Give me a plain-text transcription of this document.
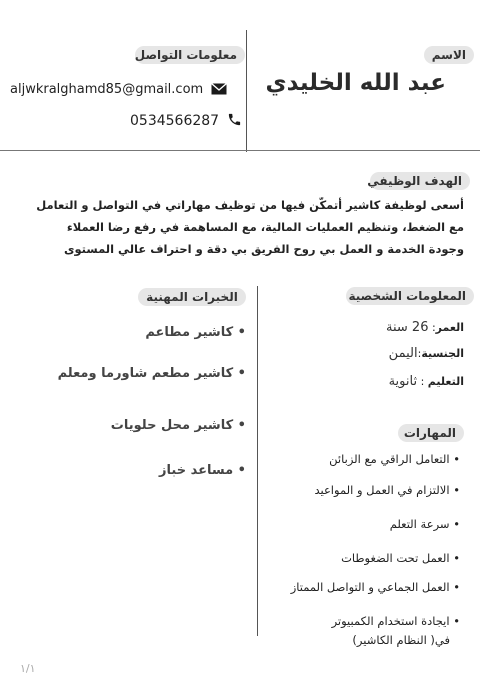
الاسم
عبد الله الخليدي
معلومات التواصل
aljwkralghamd85@gmail.com
0534566287
الهدف الوظيفي
أسعى لوظيفة كاشير أتمكّن فيها من توظيف مهاراتي في التواصل و التعامل
مع الضغط، وتنظيم العمليات المالية، مع المساهمة في رفع رضا العملاء
وجودة الخدمة و العمل بي روح الفريق بي دقة و احتراف عالي المستوى
الخبرات المهنية
• كاشير مطاعم
• كاشير مطعم شاورما ومعلم
• كاشير محل حلويات
• مساعد خباز
المعلومات الشخصية
العمر: 26 سنة
الجنسية:اليمن
التعليم : ثانوية
المهارات
• التعامل الراقي مع الزبائن
• الالتزام في العمل و المواعيد
• سرعة التعلم
• العمل تحت الضغوطات
• العمل الجماعي و التواصل الممتاز
• ايجادة استخدام الكمبيوتر
في( النظام الكاشير)
١/١
